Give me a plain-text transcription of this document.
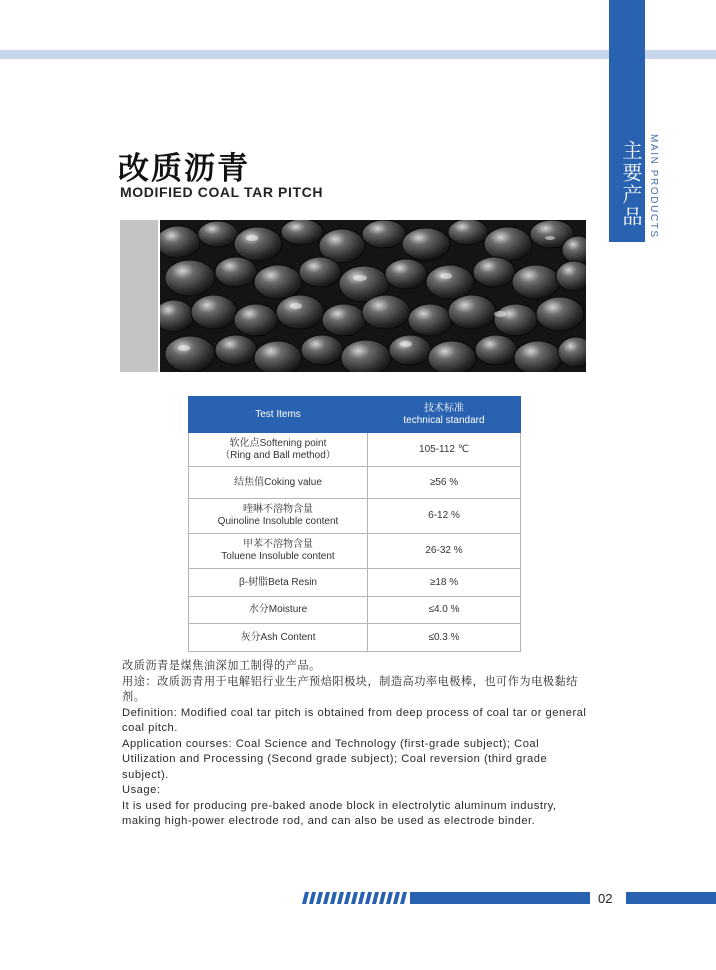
主要产品 MAIN PRODUCTS
改质沥青
MODIFIED COAL TAR PITCH
Test Items	技术标准
technical standard

软化点Softening point
（Ring and Ball method）	105-112 ℃

结焦值Coking value	≥56 %

喹啉不溶物含量
Quinoline Insoluble content	6-12 %

甲苯不溶物含量
Toluene Insoluble content	26-32 %

β-树脂Beta Resin	≥18 %

水分Moisture	≤4.0 %

灰分Ash Content	≤0.3 %

改质沥青是煤焦油深加工制得的产品。

用途：改质沥青用于电解铝行业生产预焙阳极块，制造高功率电极棒，也可作为电极黏结剂。

Definition: Modified coal tar pitch is obtained from deep process of coal tar or general coal pitch.

Application courses: Coal Science and Technology (first-grade subject); Coal Utilization and Processing (Second grade subject); Coal reversion (third grade subject).

Usage:

It is used for producing pre-baked anode block in electrolytic aluminum industry, making high-power electrode rod, and can also be used as electrode binder.

02
